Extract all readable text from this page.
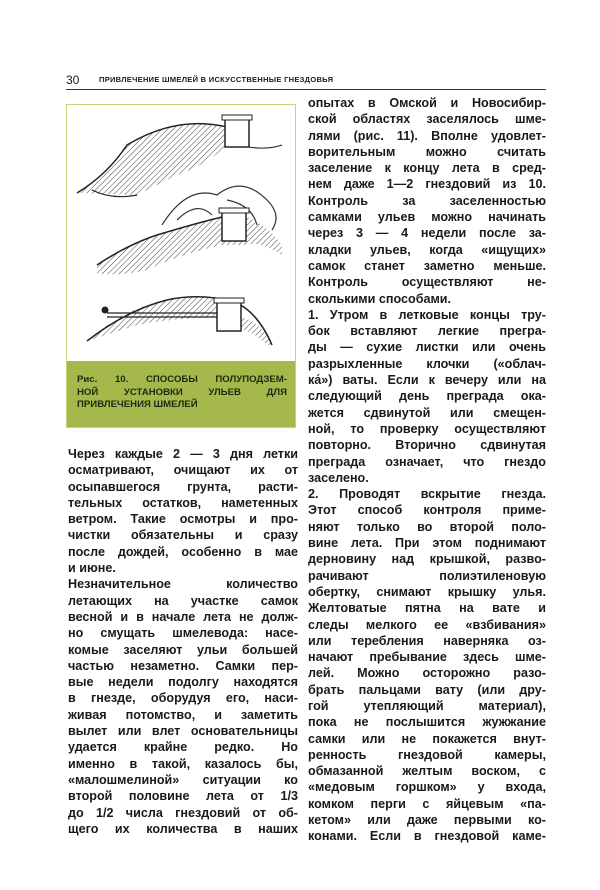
30	ПРИВЛЕЧЕНИЕ ШМЕЛЕЙ В ИСКУССТВЕННЫЕ ГНЕЗДОВЬЯ
Рис. 10. СПОСОБЫ ПОЛУПОДЗЕМ-
НОЙ УСТАНОВКИ УЛЬЕВ ДЛЯ
ПРИВЛЕЧЕНИЯ ШМЕЛЕЙ
Через каждые 2 — 3 дня летки
осматривают, очищают их от
осыпавшегося грунта, расти-
тельных остатков, наметенных
ветром. Такие осмотры и про-
чистки обязательны и сразу
после дождей, особенно в мае
и июне.
Незначительное количество
летающих на участке самок
весной и в начале лета не долж-
но смущать шмелевода: насе-
комые заселяют ульи большей
частью незаметно. Самки пер-
вые недели подолгу находятся
в гнезде, оборудуя его, наси-
живая потомство, и заметить
вылет или влет основательницы
удается крайне редко. Но
именно в такой, казалось бы,
«малошмелиной» ситуации ко
второй половине лета от 1/3
до 1/2 числа гнездовий от об-
щего их количества в наших
опытах в Омской и Новосибир-
ской областях заселялось шме-
лями (рис. 11). Вполне удовлет-
ворительным можно считать
заселение к концу лета в сред-
нем даже 1—2 гнездовий из 10.
Контроль за заселенностью
самками ульев можно начинать
через 3 — 4 недели после за-
кладки ульев, когда «ищущих»
самок станет заметно меньше.
Контроль осуществляют не-
сколькими способами.
1. Утром в летковые концы тру-
бок вставляют легкие прегра-
ды — сухие листки или очень
разрыхленные клочки («облач-
ка́») ваты. Если к вечеру или на
следующий день преграда ока-
жется сдвинутой или смещен-
ной, то проверку осуществляют
повторно. Вторично сдвинутая
преграда означает, что гнездо
заселено.
2. Проводят вскрытие гнезда.
Этот способ контроля приме-
няют только во второй поло-
вине лета. При этом поднимают
дерновину над крышкой, разво-
рачивают полиэтиленовую
обертку, снимают крышку улья.
Желтоватые пятна на вате и
следы мелкого ее «взбивания»
или теребления наверняка оз-
начают пребывание здесь шме-
лей. Можно осторожно разо-
брать пальцами вату (или дру-
гой утепляющий материал),
пока не послышится жужжание
самки или не покажется внут-
ренность гнездовой камеры,
обмазанной желтым воском, с
«медовым горшком» у входа,
комком перги с яйцевым «па-
кетом» или даже первыми ко-
конами. Если в гнездовой каме-
